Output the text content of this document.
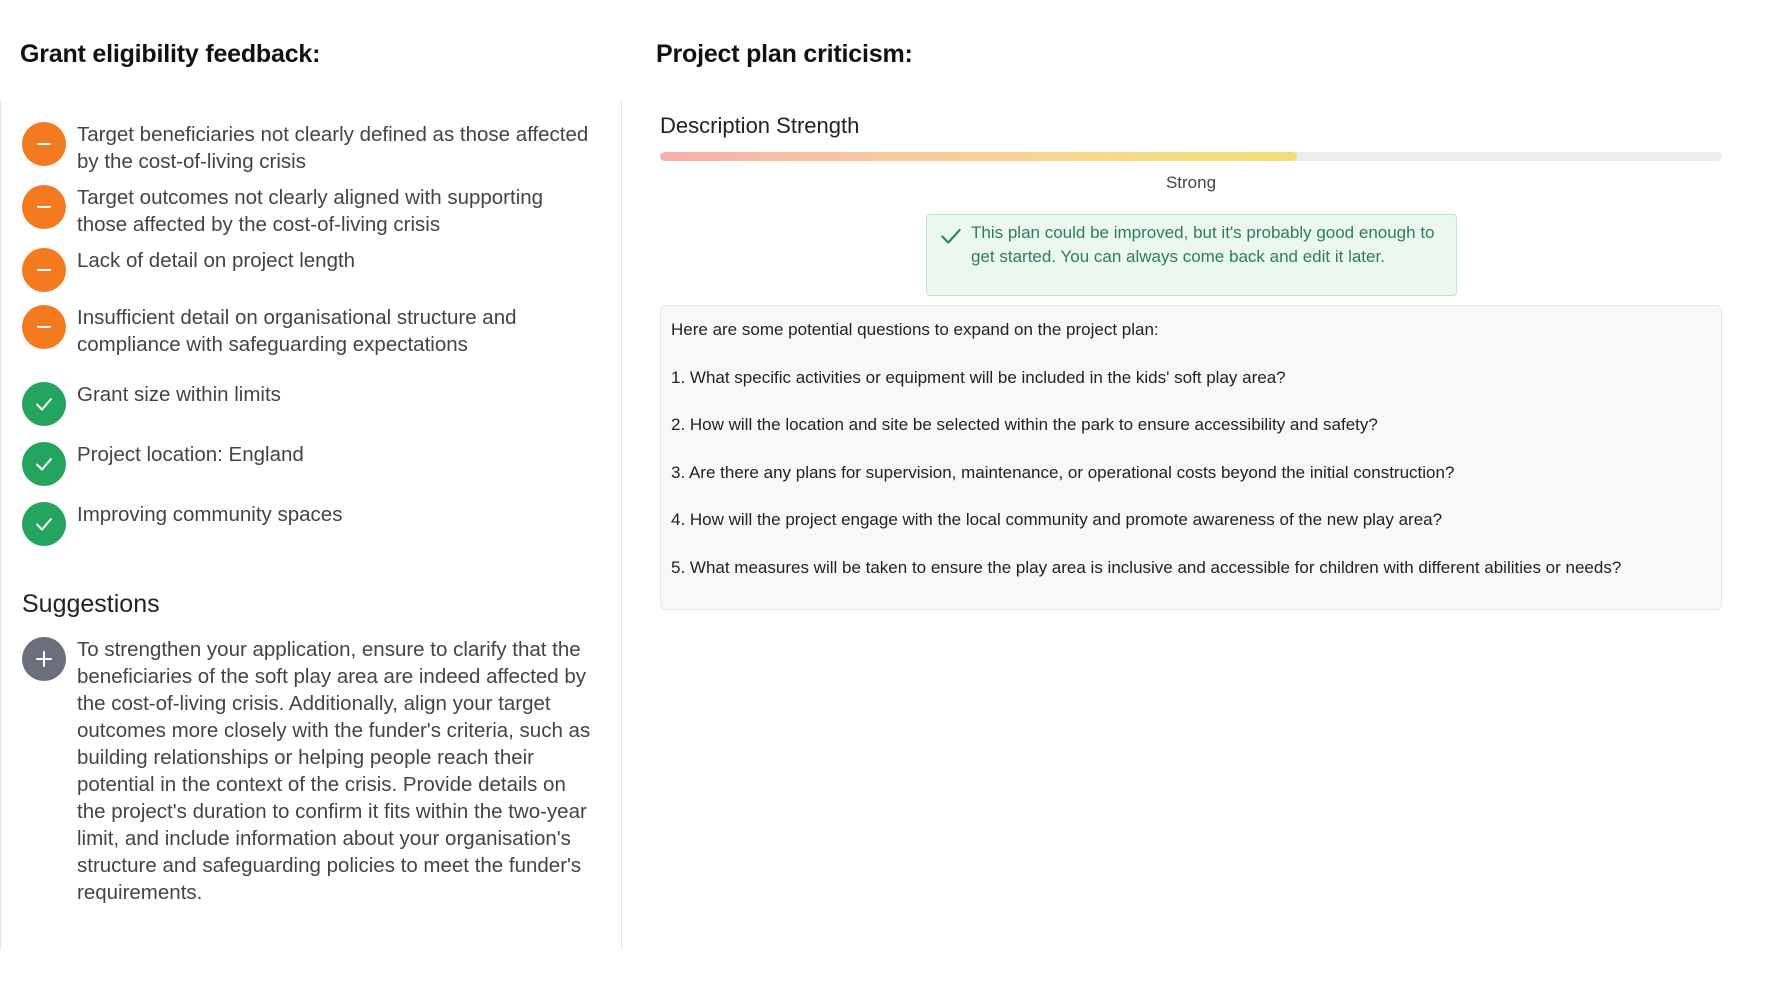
Grant eligibility feedback:	Project plan criticism:
Target beneficiaries not clearly defined as those affected by the cost-of-living crisis
Target outcomes not clearly aligned with supporting those affected by the cost-of-living crisis
Lack of detail on project length
Insufficient detail on organisational structure and compliance with safeguarding expectations
Grant size within limits
Project location: England
Improving community spaces
Suggestions
To strengthen your application, ensure to clarify that the beneficiaries of the soft play area are indeed affected by the cost-of-living crisis. Additionally, align your target outcomes more closely with the funder's criteria, such as building relationships or helping people reach their potential in the context of the crisis. Provide details on the project's duration to confirm it fits within the two-year limit, and include information about your organisation's structure and safeguarding policies to meet the funder's requirements.
Description Strength
Strong
This plan could be improved, but it's probably good enough to get started. You can always come back and edit it later.
Here are some potential questions to expand on the project plan:
1. What specific activities or equipment will be included in the kids' soft play area?
2. How will the location and site be selected within the park to ensure accessibility and safety?
3. Are there any plans for supervision, maintenance, or operational costs beyond the initial construction?
4. How will the project engage with the local community and promote awareness of the new play area?
5. What measures will be taken to ensure the play area is inclusive and accessible for children with different abilities or needs?
